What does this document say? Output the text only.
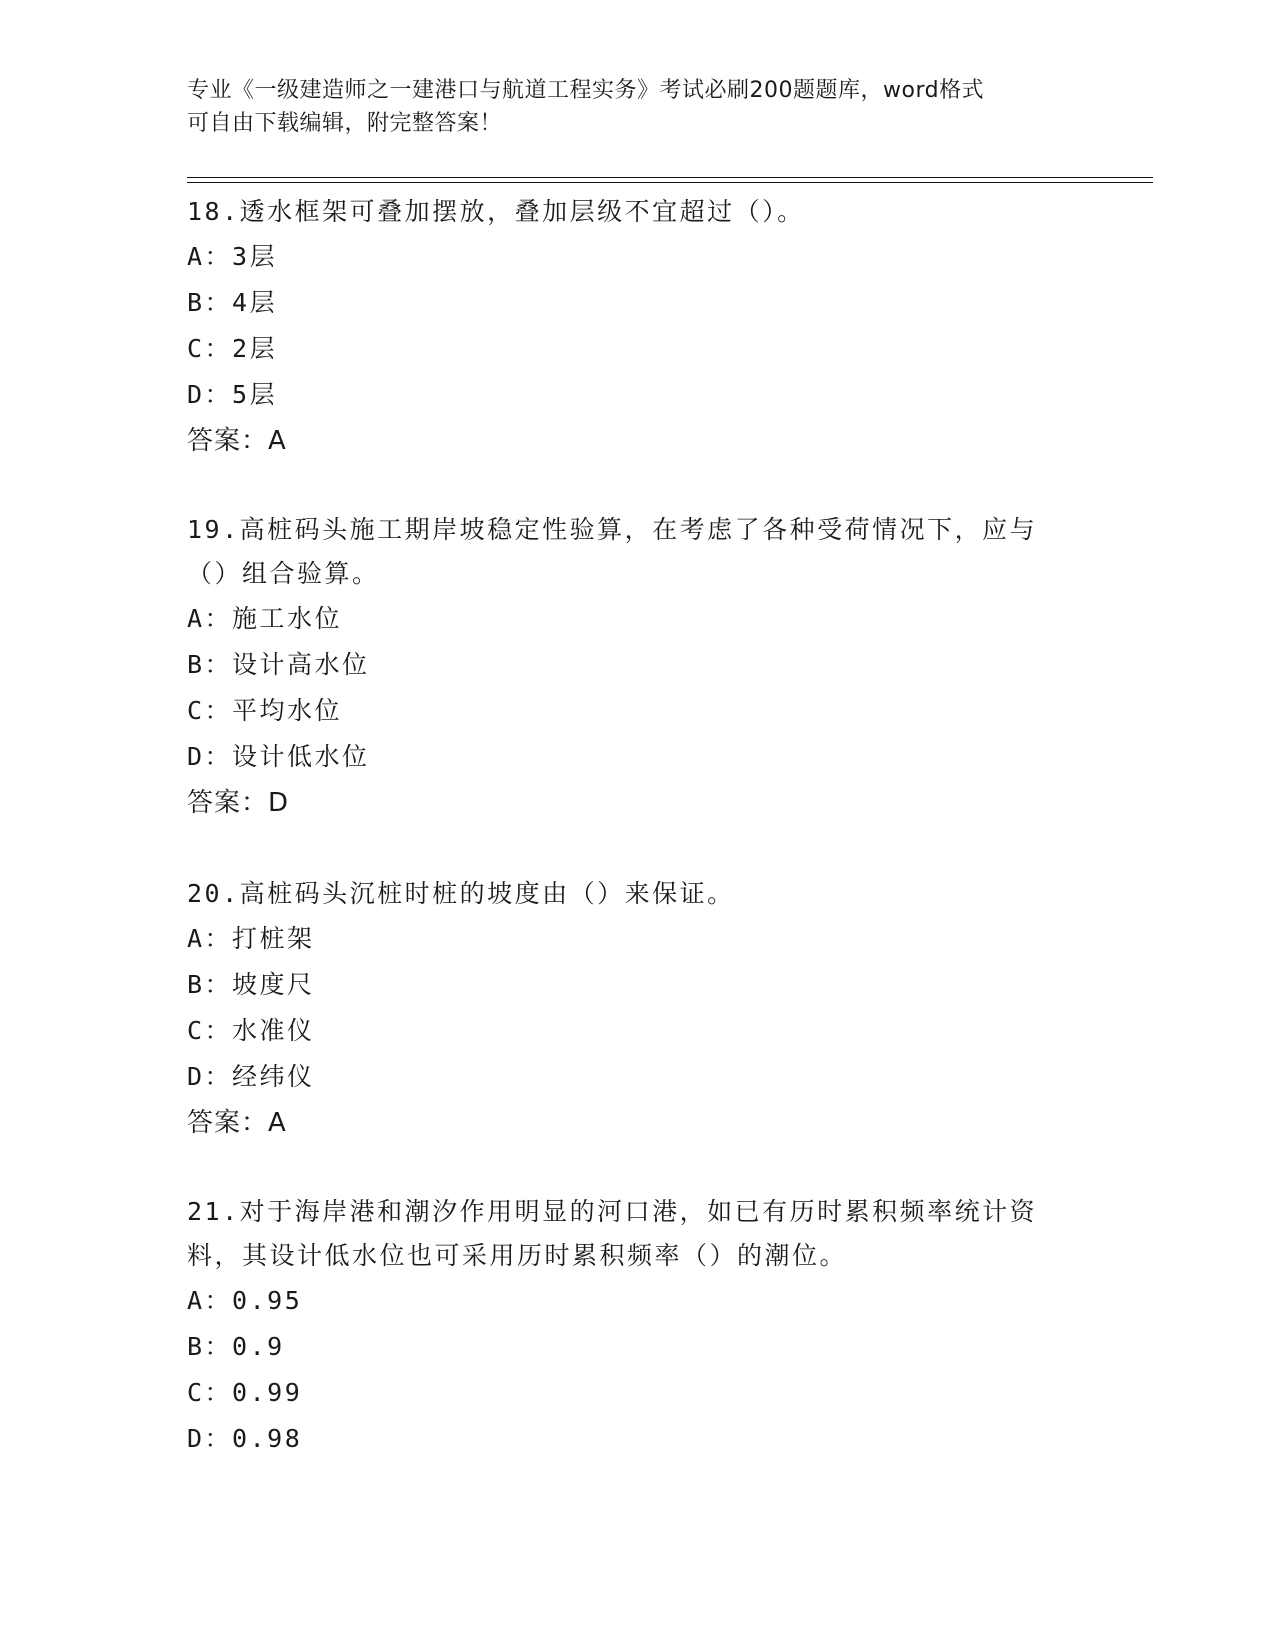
专业《一级建造师之一建港口与航道工程实务》考试必刷200题题库，word格式
可自由下载编辑，附完整答案！

18.透水框架可叠加摆放，叠加层级不宜超过（）。

A：3层

B：4层

C：2层

D：5层

答案：A

19.高桩码头施工期岸坡稳定性验算，在考虑了各种受荷情况下，应与

（）组合验算。

A：施工水位

B：设计高水位

C：平均水位

D：设计低水位

答案：D

20.高桩码头沉桩时桩的坡度由（）来保证。

A：打桩架

B：坡度尺

C：水准仪

D：经纬仪

答案：A

21.对于海岸港和潮汐作用明显的河口港，如已有历时累积频率统计资

料，其设计低水位也可采用历时累积频率（）的潮位。

A：0.95

B：0.9

C：0.99

D：0.98
